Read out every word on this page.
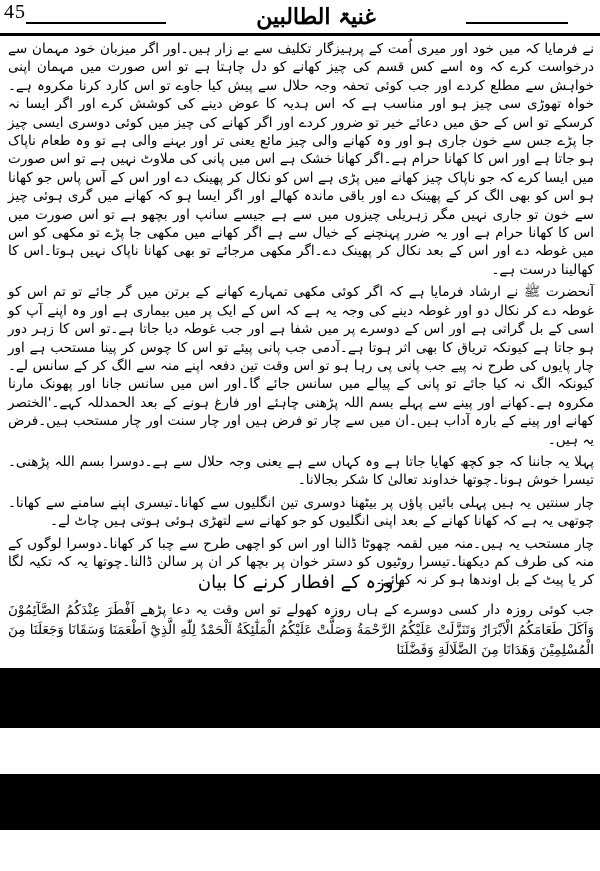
45	غنیۃ الطالبین

نے فرمایا کہ میں خود اور میری اُمت کے پرہیزگار تکلیف سے بے زار ہیں۔اور اگر میزبان خود مہمان سے درخواست کرے کہ وہ اسے کس قسم کی چیز کھانے کو دل چاہتا ہے تو اس صورت میں مہمان اپنی خواہش سے مطلع کردے اور جب کوئی تحفہ وجہ حلال سے پیش کیا جاوے تو اس کارد کرنا مکروہ ہے۔خواہ تھوڑی سی چیز ہو اور مناسب ہے کہ اس ہدیہ کا عوض دینے کی کوشش کرے اور اگر ایسا نہ کرسکے تو اس کے حق میں دعائے خیر تو ضرور کردے اور اگر کھانے کی چیز میں کوئی دوسری ایسی چیز جا پڑے جس سے خون جاری ہو اور وہ کھانے والی چیز مائع یعنی تر اور بہنے والی ہے تو وہ طعام ناپاک ہو جاتا ہے اور اس کا کھانا حرام ہے۔اگر کھانا خشک ہے اس میں پانی کی ملاوٹ نہیں ہے تو اس صورت میں ایسا کرے کہ جو ناپاک چیز کھانے میں پڑی ہے اس کو نکال کر پھینک دے اور اس کے آس پاس جو کھانا ہو اس کو بھی الگ کر کے پھینک دے اور باقی ماندہ کھالے اور اگر ایسا ہو کہ کھانے میں گری ہوئی چیز سے خون تو جاری نہیں مگر زہریلی چیزوں میں سے ہے جیسے سانپ اور بچھو ہے تو اس صورت میں اس کا کھانا حرام ہے اور یہ ضرر پہنچنے کے خیال سے ہے اگر کھانے میں مکھی جا پڑے تو مکھی کو اس میں غوطہ دے اور اس کے بعد نکال کر پھینک دے۔اگر مکھی مرجائے تو بھی کھانا ناپاک نہیں ہوتا۔اس کا کھالینا درست ہے۔

آنحضرت ﷺ نے ارشاد فرمایا ہے کہ اگر کوئی مکھی تمہارے کھانے کے برتن میں گر جائے تو تم اس کو غوطہ دے کر نکال دو اور غوطہ دینے کی وجہ یہ ہے کہ اس کے ایک پر میں بیماری ہے اور وہ اپنے آپ کو اسی کے بل گراتی ہے اور اس کے دوسرے پر میں شفا ہے اور جب غوطہ دیا جاتا ہے۔تو اس کا زہر دور ہو جاتا ہے کیونکہ تریاق کا بھی اثر ہوتا ہے۔آدمی جب پانی پیئے تو اس کا چوس کر پینا مستحب ہے اور چار پایوں کی طرح نہ پیے جب پانی پی رہا ہو تو اس وقت تین دفعہ اپنے منہ سے الگ کر کے سانس لے۔کیونکہ الگ نہ کیا جائے تو پانی کے پیالے میں سانس جائے گا۔اور اس میں سانس جانا اور پھونک مارنا مکروہ ہے۔کھانے اور پینے سے پہلے بسم اللہ پڑھنی چاہئے اور فارغ ہونے کے بعد الحمدللہ کہے۔'الختصر کھانے اور پینے کے بارہ آداب ہیں۔ان میں سے چار تو فرض ہیں اور چار سنت اور چار مستحب ہیں۔فرض یہ ہیں۔

پہلا یہ جاننا کہ جو کچھ کھایا جاتا ہے وہ کہاں سے ہے یعنی وجہ حلال سے ہے۔دوسرا بسم اللہ پڑھنی۔تیسرا خوش ہونا۔چوتھا خداوند تعالیٰ کا شکر بجالانا۔

چار سنتیں یہ ہیں پہلی بائیں پاؤں پر بیٹھنا دوسری تین انگلیوں سے کھانا۔تیسری اپنے سامنے سے کھانا۔چوتھی یہ ہے کہ کھانا کھانے کے بعد اپنی انگلیوں کو جو کھانے سے لتھڑی ہوئی ہوتی ہیں چاٹ لے۔

چار مستحب یہ ہیں۔منہ میں لقمہ چھوٹا ڈالنا اور اس کو اچھی طرح سے چبا کر کھانا۔دوسرا لوگوں کے منہ کی طرف کم دیکھنا۔تیسرا روٹیوں کو دستر خوان پر بچھا کر ان پر سالن ڈالنا۔چوتھا یہ کہ تکیہ لگا کر یا پیٹ کے بل اوندھا ہو کر نہ کھائے۔

روزہ کے افطار کرنے کا بیان

جب کوئی روزہ دار کسی دوسرے کے ہاں روزہ کھولے تو اس وقت یہ دعا پڑھے اَفْطَرَ عِنْدَكُمُ الصَّآئِمُوْنَ وَاَكَلَ طَعَامَكُمُ الْاَبْرَارُ وَتَنَزَّلَتْ عَلَيْكُمُ الرَّحْمَةُ وَصَلَّتْ عَلَيْكُمُ الْمَلٰٓئِكَةُ اَلْحَمْدُ لِلّٰهِ الَّذِيْٓ اَطْعَمَنَا وَسَقَانَا وَجَعَلَنَا مِنَ الْمُسْلِمِيْنَ وَهَدَانَا مِنَ الضَّلَالَةِ وَفَضَّلَنَا
